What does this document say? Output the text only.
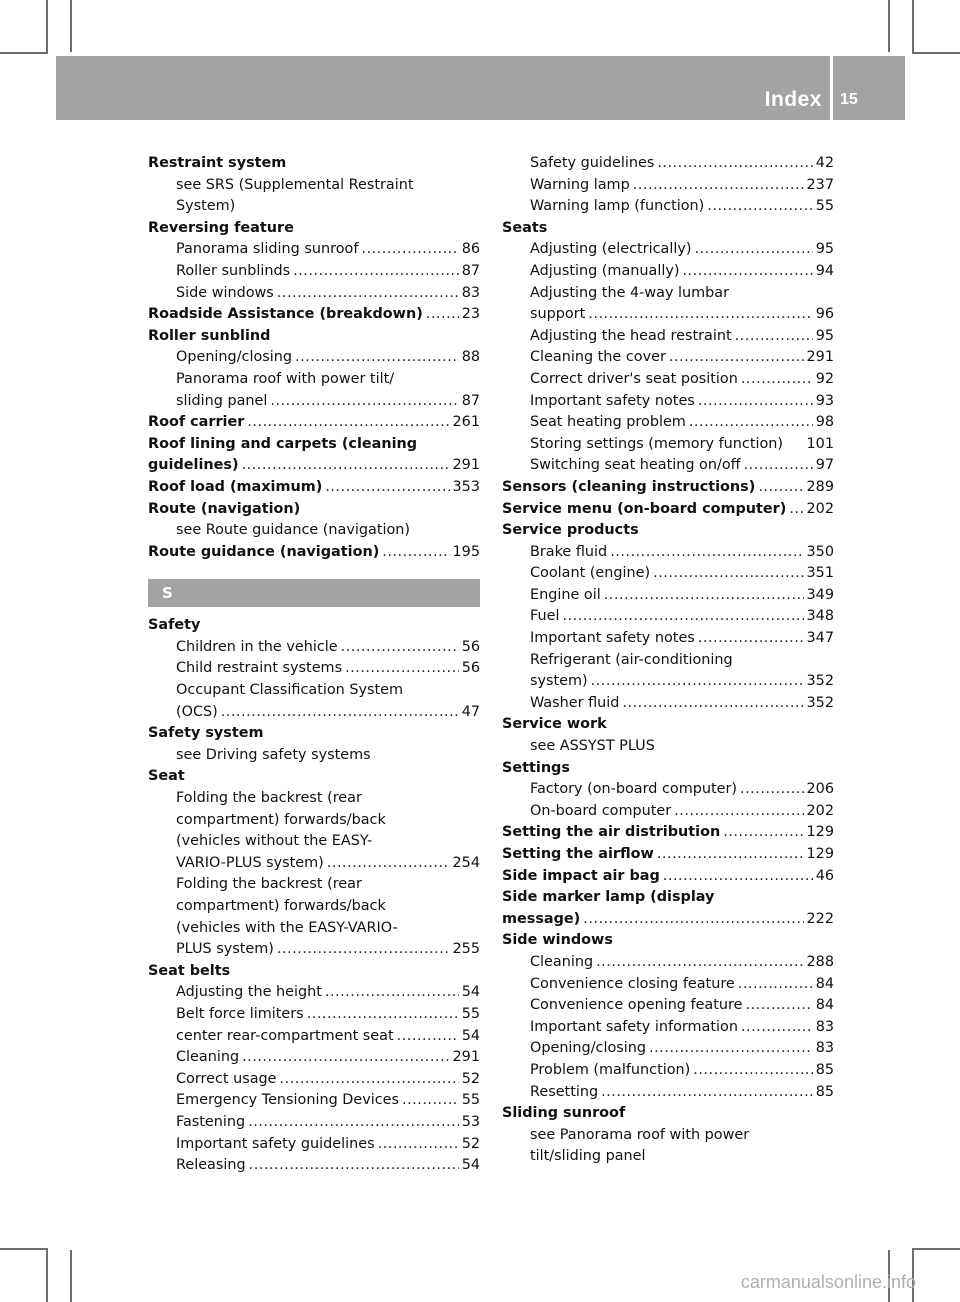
Index 15
Restraint system
see SRS (Supplemental Restraint
System)
Reversing feature
Panorama sliding sunroof .....	86
Roller sunblinds .....	87
Side windows .....	83
Roadside Assistance (breakdown) .....	23
Roller sunblind
Opening/closing .....	88
Panorama roof with power tilt/
sliding panel .....	87
Roof carrier .....	261
Roof lining and carpets (cleaning
guidelines) .....	291
Roof load (maximum) .....	353
Route (navigation)
see Route guidance (navigation)
Route guidance (navigation) .....	195
S
Safety
Children in the vehicle .....	56
Child restraint systems .....	56
Occupant Classification System
(OCS) .....	47
Safety system
see Driving safety systems
Seat
Folding the backrest (rear
compartment) forwards/back
(vehicles without the EASY-
VARIO-PLUS system) .....	254
Folding the backrest (rear
compartment) forwards/back
(vehicles with the EASY-VARIO-
PLUS system) .....	255
Seat belts
Adjusting the height .....	54
Belt force limiters .....	55
center rear-compartment seat .....	54
Cleaning .....	291
Correct usage .....	52
Emergency Tensioning Devices .....	55
Fastening .....	53
Important safety guidelines .....	52
Releasing .....	54
Safety guidelines .....	42
Warning lamp .....	237
Warning lamp (function) .....	55
Seats
Adjusting (electrically) .....	95
Adjusting (manually) .....	94
Adjusting the 4-way lumbar
support .....	96
Adjusting the head restraint .....	95
Cleaning the cover .....	291
Correct driver's seat position .....	92
Important safety notes .....	93
Seat heating problem .....	98
Storing settings (memory function) 101
Switching seat heating on/off .....	97
Sensors (cleaning instructions) .....	289
Service menu (on-board computer) ..... 202
Service products
Brake fluid .....	350
Coolant (engine) .....	351
Engine oil .....	349
Fuel .....	348
Important safety notes .....	347
Refrigerant (air-conditioning
system) .....	352
Washer fluid .....	352
Service work
see ASSYST PLUS
Settings
Factory (on-board computer) .....	206
On-board computer .....	202
Setting the air distribution .....	129
Setting the airflow .....	129
Side impact air bag .....	46
Side marker lamp (display
message) .....	222
Side windows
Cleaning .....	288
Convenience closing feature .....	84
Convenience opening feature .....	84
Important safety information .....	83
Opening/closing .....	83
Problem (malfunction) .....	85
Resetting .....	85
Sliding sunroof
see Panorama roof with power
tilt/sliding panel
carmanualsonline.info
